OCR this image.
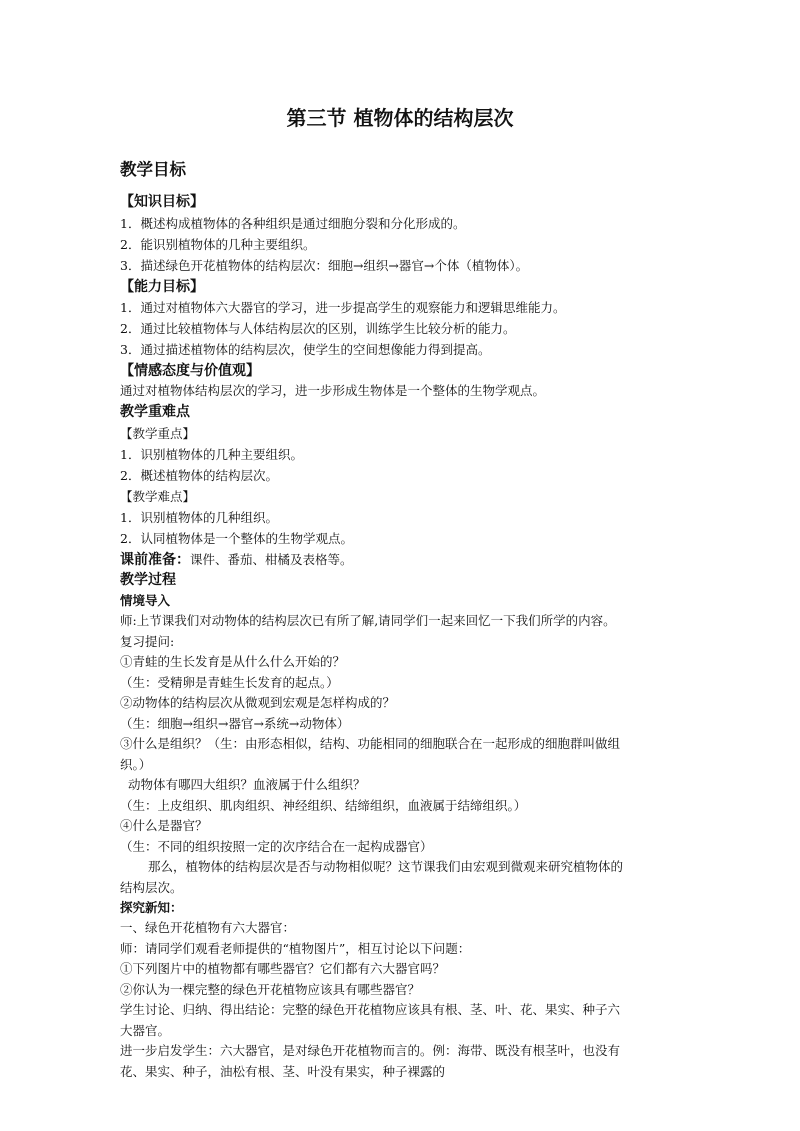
第三节 植物体的结构层次
教学目标
【知识目标】
1．概述构成植物体的各种组织是通过细胞分裂和分化形成的。
2．能识别植物体的几种主要组织。
3．描述绿色开花植物体的结构层次：细胞→组织→器官→个体（植物体）。
【能力目标】
1．通过对植物体六大器官的学习，进一步提高学生的观察能力和逻辑思维能力。
2．通过比较植物体与人体结构层次的区别，训练学生比较分析的能力。
3．通过描述植物体的结构层次，使学生的空间想像能力得到提高。
【情感态度与价值观】
通过对植物体结构层次的学习，进一步形成生物体是一个整体的生物学观点。
教学重难点
【教学重点】
1．识别植物体的几种主要组织。
2．概述植物体的结构层次。
【教学难点】
1．识别植物体的几种组织。
2．认同植物体是一个整体的生物学观点。
课前准备：课件、番茄、柑橘及表格等。
教学过程
情境导入
师:上节课我们对动物体的结构层次已有所了解,请同学们一起来回忆一下我们所学的内容。
复习提问:
①青蛙的生长发育是从什么什么开始的？
（生：受精卵是青蛙生长发育的起点。）
②动物体的结构层次从微观到宏观是怎样构成的？
（生：细胞→组织→器官→系统→动物体）
③什么是组织？（生：由形态相似，结构、功能相同的细胞联合在一起形成的细胞群叫做组
织。）
动物体有哪四大组织？血液属于什么组织？
（生：上皮组织、肌肉组织、神经组织、结缔组织，血液属于结缔组织。）
④什么是器官？
（生：不同的组织按照一定的次序结合在一起构成器官）
那么，植物体的结构层次是否与动物相似呢？这节课我们由宏观到微观来研究植物体的
结构层次。
探究新知：
一、绿色开花植物有六大器官：
师：请同学们观看老师提供的“植物图片”，相互讨论以下问题：
①下列图片中的植物都有哪些器官？它们都有六大器官吗？
②你认为一棵完整的绿色开花植物应该具有哪些器官？
学生讨论、归纳、得出结论：完整的绿色开花植物应该具有根、茎、叶、花、果实、种子六
大器官。
进一步启发学生：六大器官，是对绿色开花植物而言的。例：海带、既没有根茎叶，也没有
花、果实、种子，油松有根、茎、叶没有果实，种子裸露的
